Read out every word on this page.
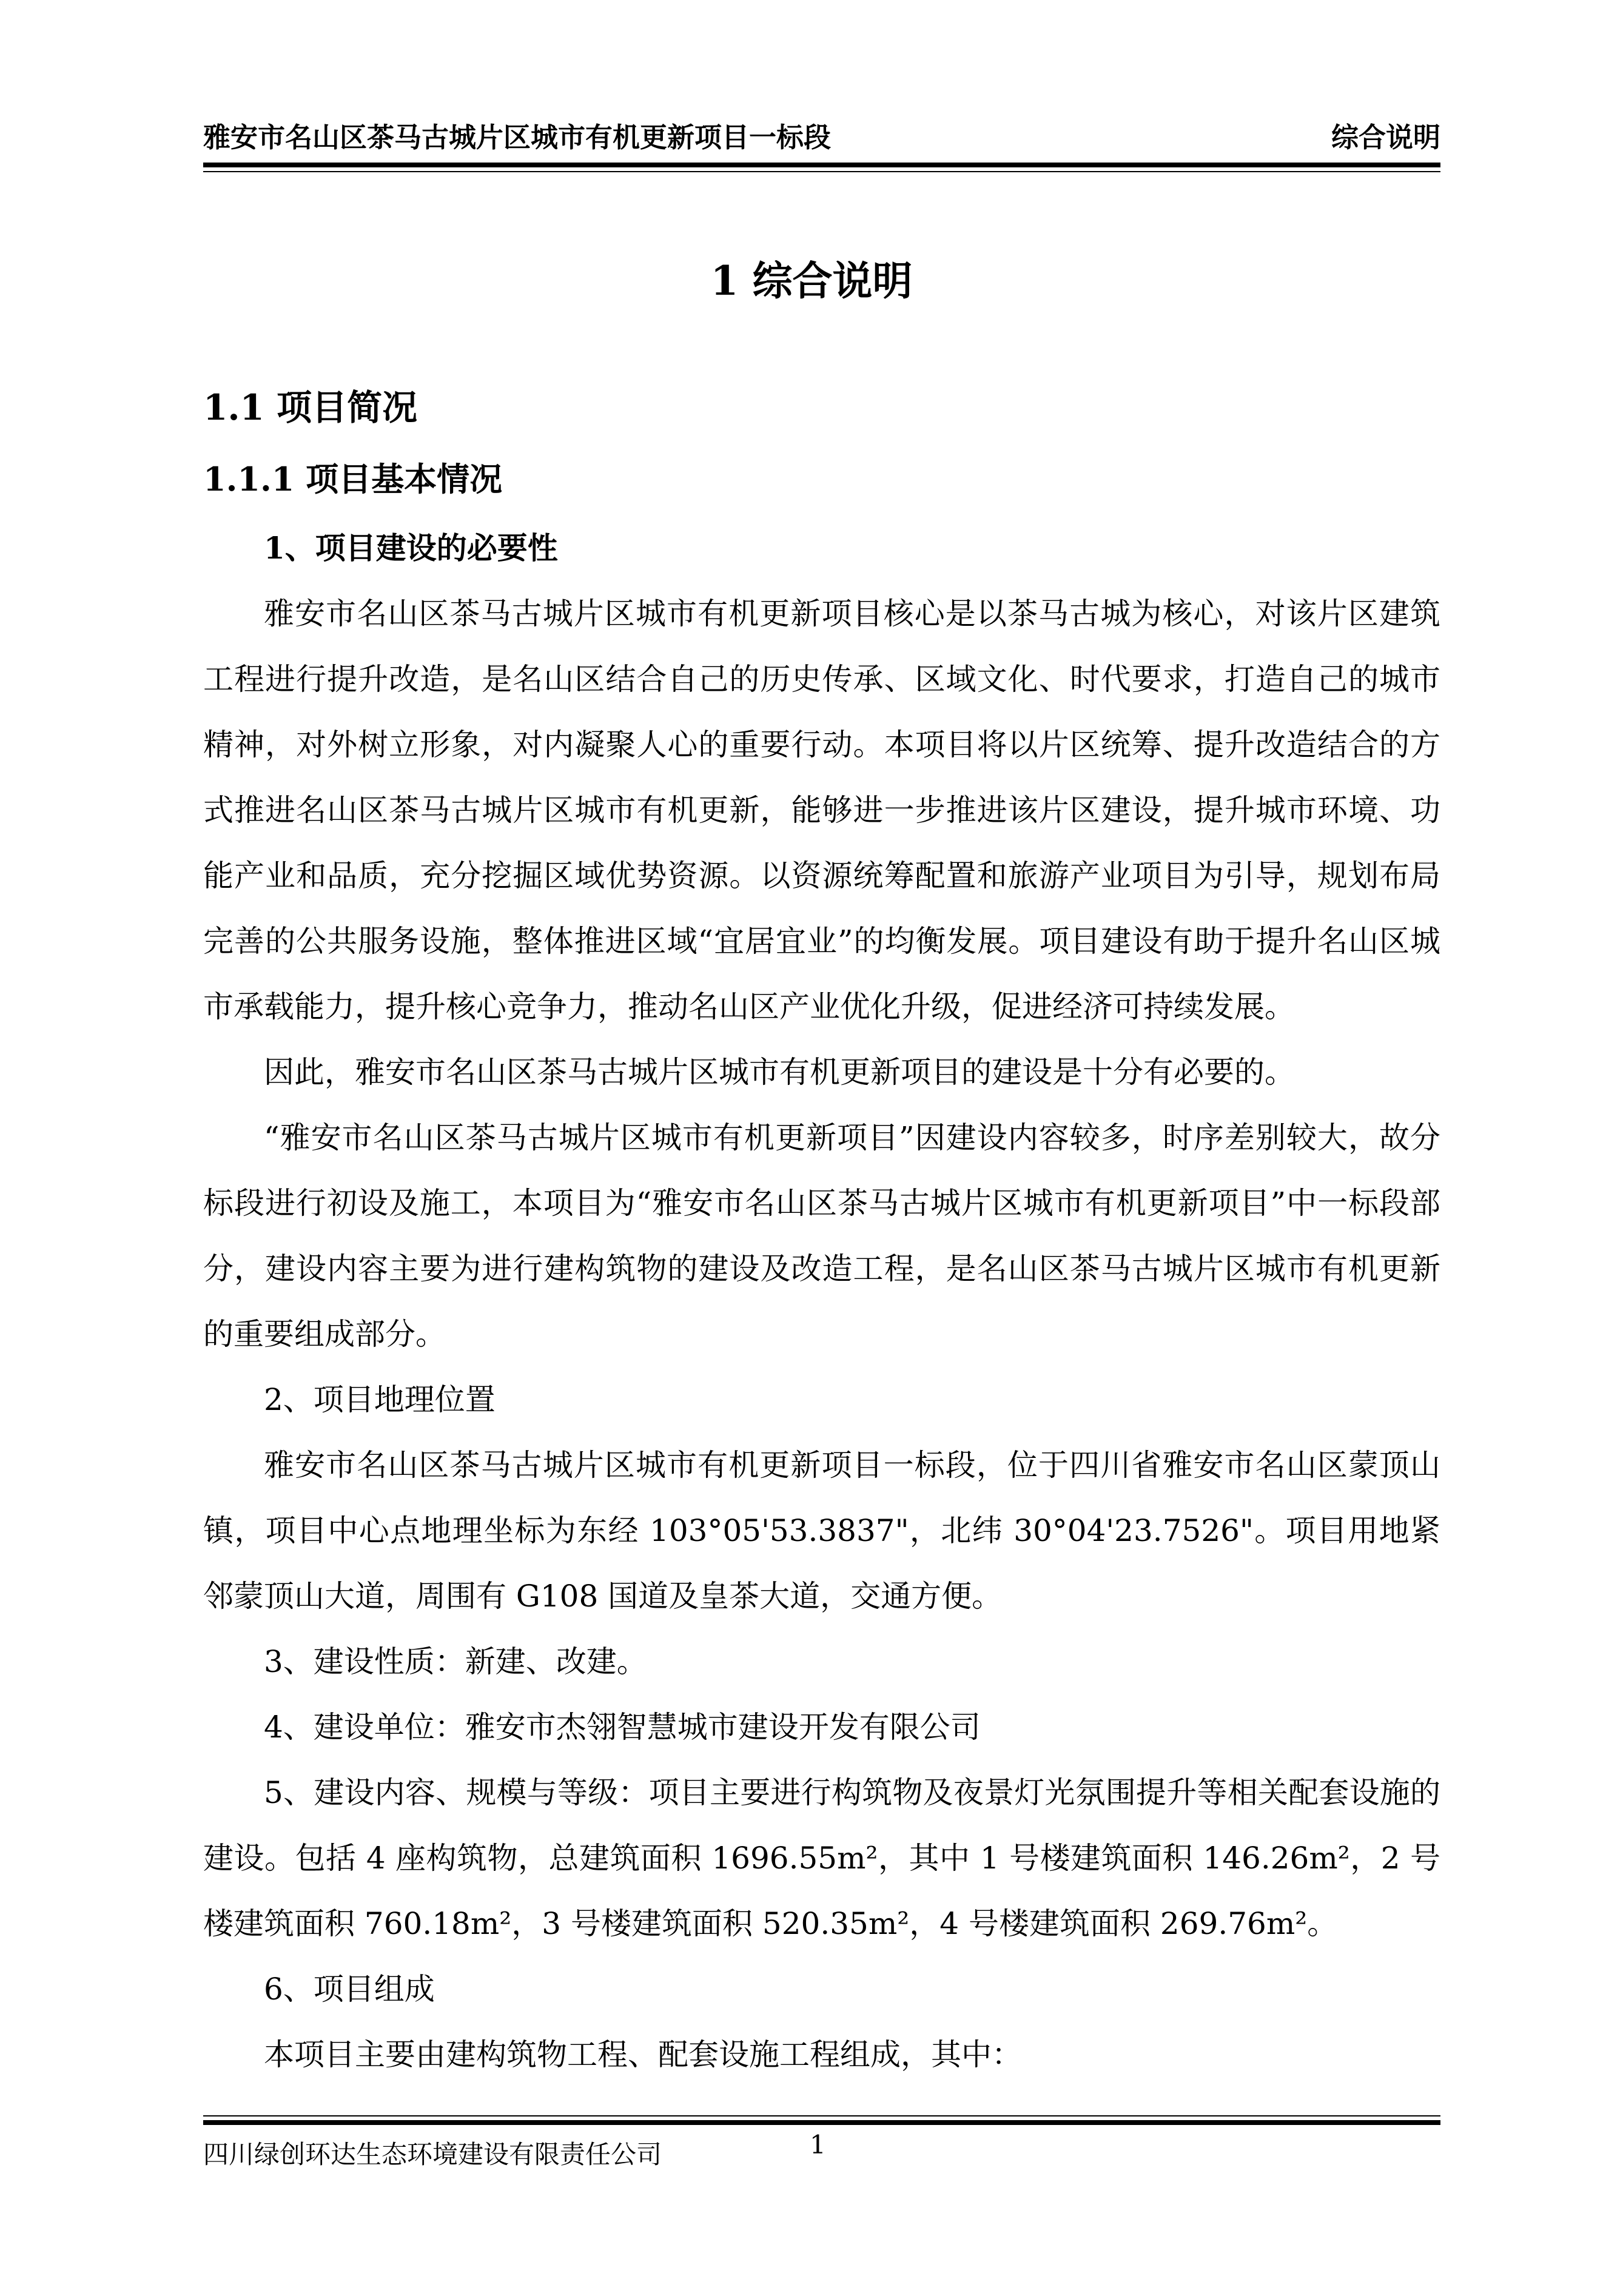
雅安市名山区茶马古城片区城市有机更新项目一标段	综合说明
1 综合说明
1.1 项目简况
1.1.1 项目基本情况

1、项目建设的必要性

雅安市名山区茶马古城片区城市有机更新项目核心是以茶马古城为核心，对该片区建筑工程进行提升改造，是名山区结合自己的历史传承、区域文化、时代要求，打造自己的城市精神，对外树立形象，对内凝聚人心的重要行动。本项目将以片区统筹、提升改造结合的方式推进名山区茶马古城片区城市有机更新，能够进一步推进该片区建设，提升城市环境、功能产业和品质，充分挖掘区域优势资源。以资源统筹配置和旅游产业项目为引导，规划布局完善的公共服务设施，整体推进区域“宜居宜业”的均衡发展。项目建设有助于提升名山区城市承载能力，提升核心竞争力，推动名山区产业优化升级，促进经济可持续发展。

因此，雅安市名山区茶马古城片区城市有机更新项目的建设是十分有必要的。

“雅安市名山区茶马古城片区城市有机更新项目”因建设内容较多，时序差别较大，故分标段进行初设及施工，本项目为“雅安市名山区茶马古城片区城市有机更新项目”中一标段部分，建设内容主要为进行建构筑物的建设及改造工程，是名山区茶马古城片区城市有机更新的重要组成部分。

2、项目地理位置

雅安市名山区茶马古城片区城市有机更新项目一标段，位于四川省雅安市名山区蒙顶山镇，项目中心点地理坐标为东经 103°05'53.3837"，北纬 30°04'23.7526"。项目用地紧邻蒙顶山大道，周围有 G108 国道及皇茶大道，交通方便。

3、建设性质：新建、改建。

4、建设单位：雅安市杰翎智慧城市建设开发有限公司

5、建设内容、规模与等级：项目主要进行构筑物及夜景灯光氛围提升等相关配套设施的建设。包括 4 座构筑物，总建筑面积 1696.55m²，其中 1 号楼建筑面积 146.26m²，2 号楼建筑面积 760.18m²，3 号楼建筑面积 520.35m²，4 号楼建筑面积 269.76m²。

6、项目组成

本项目主要由建构筑物工程、配套设施工程组成，其中：

四川绿创环达生态环境建设有限责任公司	1
